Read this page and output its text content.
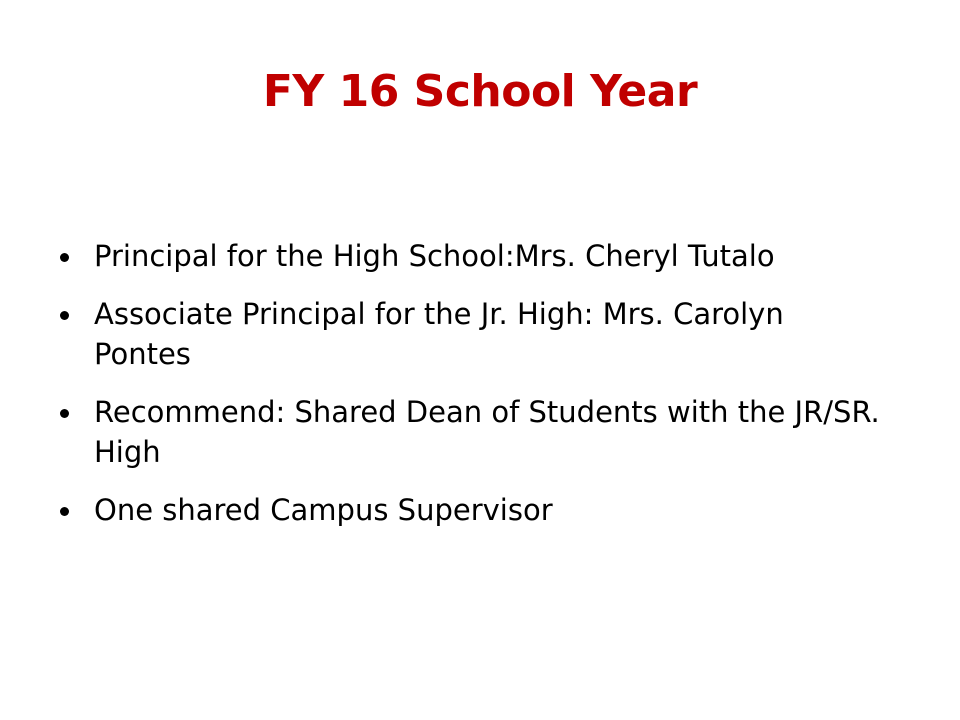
FY 16 School Year
Principal for the High School:Mrs. Cheryl Tutalo
Associate Principal for the Jr. High: Mrs. Carolyn Pontes
Recommend: Shared Dean of Students with the JR/SR. High
One shared Campus Supervisor
